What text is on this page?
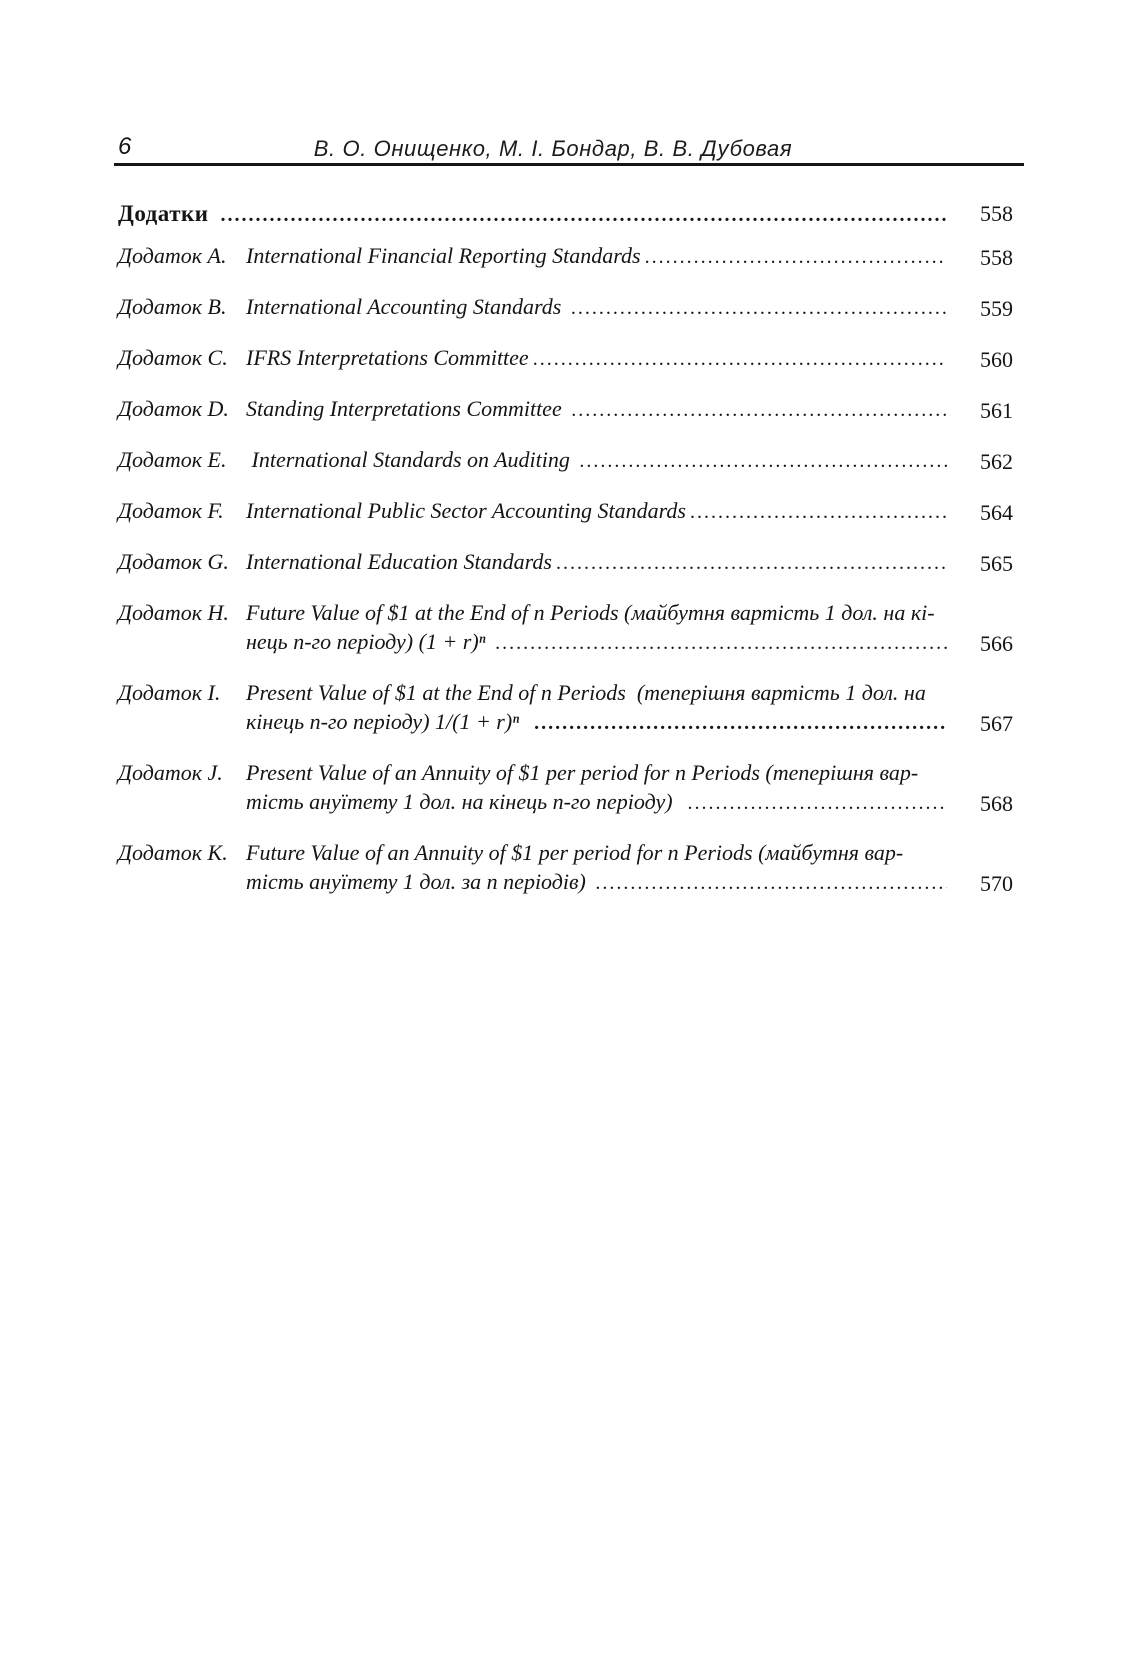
6	В. О. Онищенко, М. І. Бондар, В. В. Дубовая
Додатки .....	558
Додаток A. International Financial Reporting Standards .....	558
Додаток B. International Accounting Standards .....	559
Додаток C. IFRS Interpretations Committee .....	560
Додаток D. Standing Interpretations Committee .....	561
Додаток E. International Standards on Auditing .....	562
Додаток F.	International Public Sector Accounting Standards .....	564
Додаток G. International Education Standards .....	565
Додаток H. Future Value of $1 at the End of n Periods (майбутня вартість 1 дол. на кі-
нець n-го періоду) (1 + r)ⁿ .....	566
Додаток I.	Present Value of $1 at the End of n Periods  (теперішня вартість 1 дол. на
кінець n-го періоду) 1/(1 + r)ⁿ .....	567
Додаток J.	Present Value of an Annuity of $1 per period for n Periods (теперішня вар-
тість ануїтету 1 дол. на кінець n-го періоду) .....	568
Додаток K. Future Value of an Annuity of $1 per period for n Periods (майбутня вар-
тість ануїтету 1 дол. за n періодів) .....	570
